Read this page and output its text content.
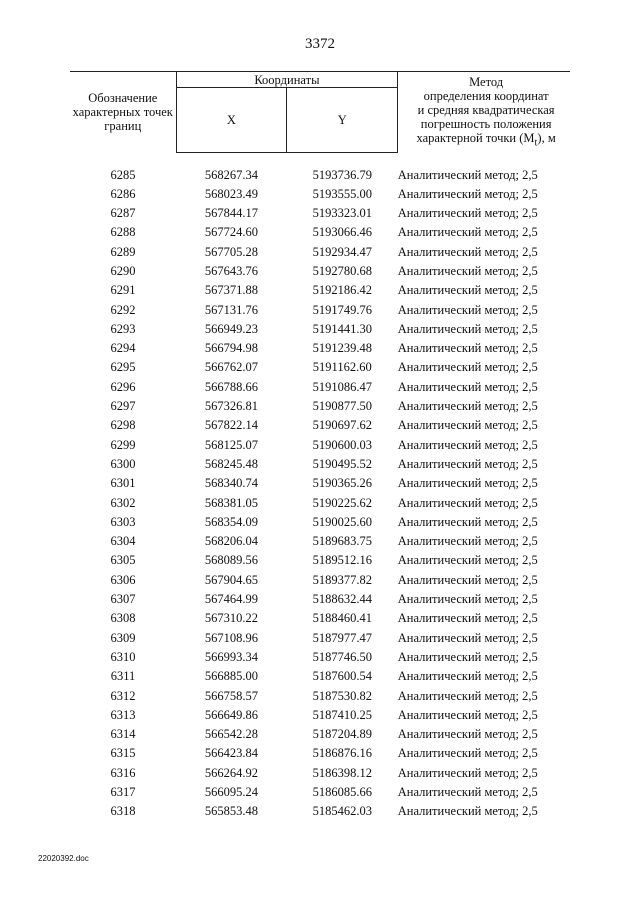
3372
Обозначение характерных точек границ	Координаты		Метод
определения координат
и средняя квадратическая
погрешность положения
характерной точки $(M_t)$, м

	X	Y	

6285	568267.34	5193736.79	Аналитический метод; 2,5
6286	568023.49	5193555.00	Аналитический метод; 2,5
6287	567844.17	5193323.01	Аналитический метод; 2,5
6288	567724.60	5193066.46	Аналитический метод; 2,5
6289	567705.28	5192934.47	Аналитический метод; 2,5
6290	567643.76	5192780.68	Аналитический метод; 2,5
6291	567371.88	5192186.42	Аналитический метод; 2,5
6292	567131.76	5191749.76	Аналитический метод; 2,5
6293	566949.23	5191441.30	Аналитический метод; 2,5
6294	566794.98	5191239.48	Аналитический метод; 2,5
6295	566762.07	5191162.60	Аналитический метод; 2,5
6296	566788.66	5191086.47	Аналитический метод; 2,5
6297	567326.81	5190877.50	Аналитический метод; 2,5
6298	567822.14	5190697.62	Аналитический метод; 2,5
6299	568125.07	5190600.03	Аналитический метод; 2,5
6300	568245.48	5190495.52	Аналитический метод; 2,5
6301	568340.74	5190365.26	Аналитический метод; 2,5
6302	568381.05	5190225.62	Аналитический метод; 2,5
6303	568354.09	5190025.60	Аналитический метод; 2,5
6304	568206.04	5189683.75	Аналитический метод; 2,5
6305	568089.56	5189512.16	Аналитический метод; 2,5
6306	567904.65	5189377.82	Аналитический метод; 2,5
6307	567464.99	5188632.44	Аналитический метод; 2,5
6308	567310.22	5188460.41	Аналитический метод; 2,5
6309	567108.96	5187977.47	Аналитический метод; 2,5
6310	566993.34	5187746.50	Аналитический метод; 2,5
6311	566885.00	5187600.54	Аналитический метод; 2,5
6312	566758.57	5187530.82	Аналитический метод; 2,5
6313	566649.86	5187410.25	Аналитический метод; 2,5
6314	566542.28	5187204.89	Аналитический метод; 2,5
6315	566423.84	5186876.16	Аналитический метод; 2,5
6316	566264.92	5186398.12	Аналитический метод; 2,5
6317	566095.24	5186085.66	Аналитический метод; 2,5
6318	565853.48	5185462.03	Аналитический метод; 2,5
22020392.doc
